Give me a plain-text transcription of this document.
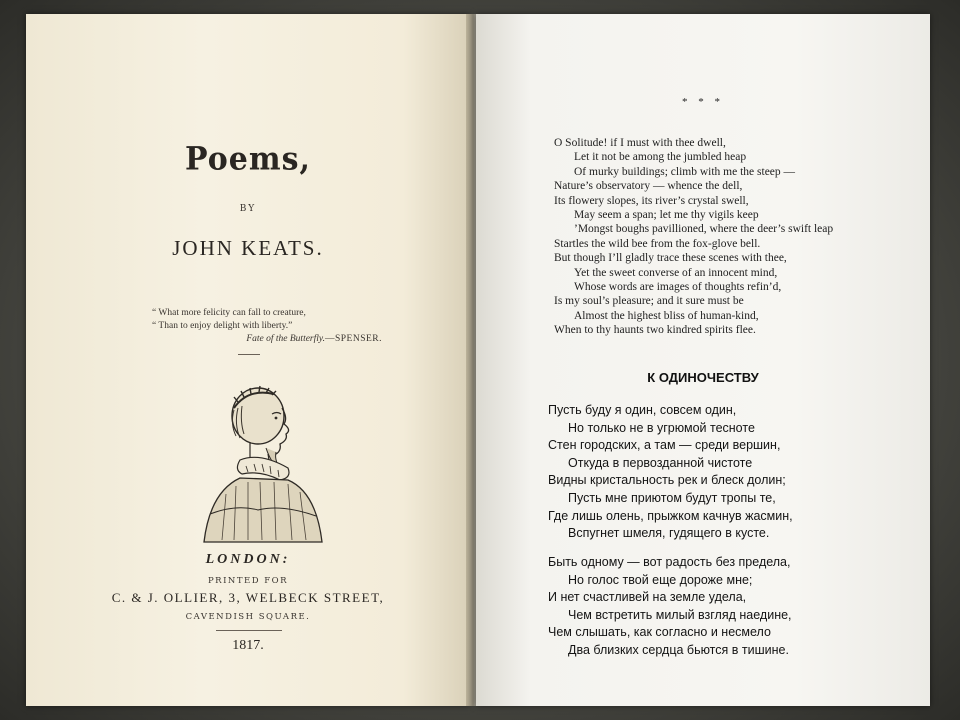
Poems,
BY
JOHN KEATS.
“ What more felicity can fall to creature,
“ Than to enjoy delight with liberty.”
Fate of the Butterfly.—SPENSER.
LONDON:
PRINTED FOR
C. & J. OLLIER, 3, WELBECK STREET,
CAVENDISH SQUARE.
1817.
* * *
O Solitude! if I must with thee dwell,
Let it not be among the jumbled heap
Of murky buildings; climb with me the steep —
Nature’s observatory — whence the dell,
Its flowery slopes, its river’s crystal swell,
May seem a span; let me thy vigils keep
’Mongst boughs pavillioned, where the deer’s swift leap
Startles the wild bee from the fox-glove bell.
But though I’ll gladly trace these scenes with thee,
Yet the sweet converse of an innocent mind,
Whose words are images of thoughts refin’d,
Is my soul’s pleasure; and it sure must be
Almost the highest bliss of human-kind,
When to thy haunts two kindred spirits flee.
К ОДИНОЧЕСТВУ
Пусть буду я один, совсем один,
Но только не в угрюмой тесноте
Стен городских, а там — среди вершин,
Откуда в первозданной чистоте
Видны кристальность рек и блеск долин;
Пусть мне приютом будут тропы те,
Где лишь олень, прыжком качнув жасмин,
Вспугнет шмеля, гудящего в кусте.
Быть одному — вот радость без предела,
Но голос твой еще дороже мне;
И нет счастливей на земле удела,
Чем встретить милый взгляд наедине,
Чем слышать, как согласно и несмело
Два близких сердца бьются в тишине.
